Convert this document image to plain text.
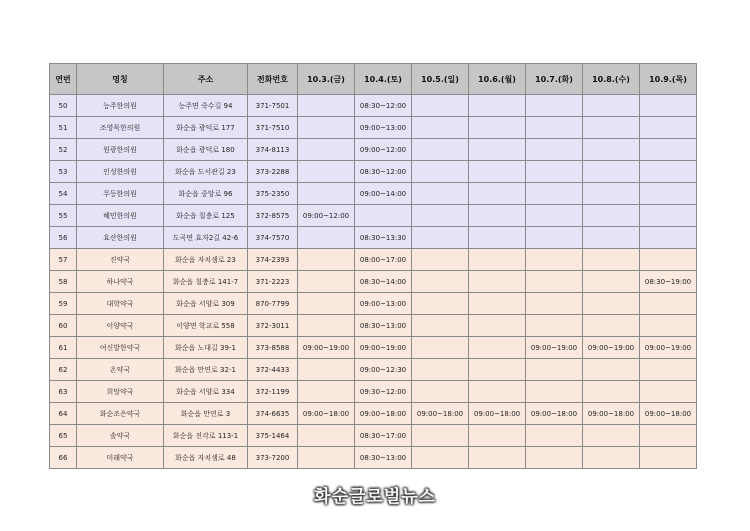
연번	명칭	주소	전화번호	10.3.(금)	10.4.(토)	10.5.(일)	10.6.(월)	10.7.(화)	10.8.(수)	10.9.(목)
50	능주한의원	능주면 죽수길 94	371-7501		08:30~12:00					
51	조영묵한의원	화순읍 광덕로 177	371-7510		09:00~13:00					
52	원광한의원	화순읍 광덕로 180	374-8113		09:00~12:00					
53	인성한의원	화순읍 도서관길 23	373-2288		08:30~12:00					
54	무등한의원	화순읍 중앙로 96	375-2350		09:00~14:00					
55	혜민한의원	화순읍 칠충로 125	372-8575	09:00~12:00						
56	효산한의원	도곡면 효자2길 42-6	374-7570		08:30~13:30					
57	진약국	화순읍 자치샘로 23	374-2393		08:00~17:00					
58	하나약국	화순읍 칠충로 141-7	371-2223		08:30~14:00					08:30~19:00
59	대학약국	화순읍 서양로 309	870-7799		09:00~13:00					
60	이양약국	이양면 학교로 558	372-3011		08:30~13:00					
61	여신발한약국	화순읍 노대길 39-1	373-8588	09:00~19:00	09:00~19:00			09:00~19:00	09:00~19:00	09:00~19:00
62	온약국	화순읍 만연로 32-1	372-4433		09:00~12:30					
63	희망약국	화순읍 서양로 334	372-1199		09:30~12:00					
64	화순조은약국	화순읍 만연로 3	374-6635	09:00~18:00	09:00~18:00	09:00~18:00	09:00~18:00	09:00~18:00	09:00~18:00	09:00~18:00
65	솔약국	화순읍 진각로 113-1	375-1464		08:30~17:00					
66	미래약국	화순읍 자치샘로 48	373-7200		08:30~13:00					
화순글로벌뉴스
